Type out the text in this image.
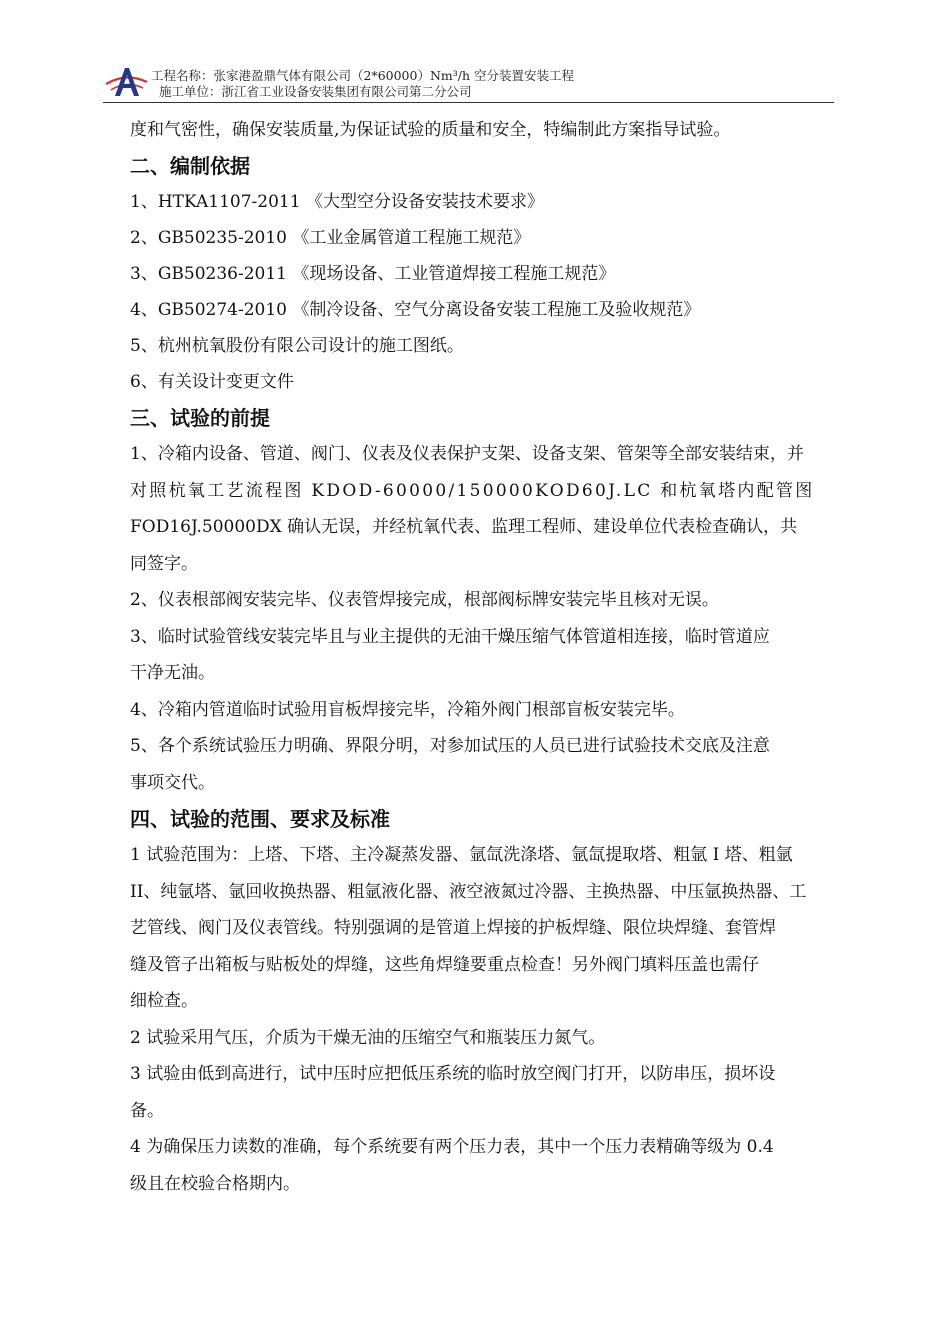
工程名称：张家港盈鼎气体有限公司（2*60000）Nm³/h 空分装置安装工程
施工单位：浙江省工业设备安装集团有限公司第二分公司

度和气密性，确保安装质量,为保证试验的质量和安全，特编制此方案指导试验。

二、编制依据

1、HTKA1107-2011 《大型空分设备安装技术要求》

2、GB50235-2010 《工业金属管道工程施工规范》

3、GB50236-2011 《现场设备、工业管道焊接工程施工规范》

4、GB50274-2010 《制冷设备、空气分离设备安装工程施工及验收规范》

5、杭州杭氧股份有限公司设计的施工图纸。

6、有关设计变更文件

三、试验的前提

1、冷箱内设备、管道、阀门、仪表及仪表保护支架、设备支架、管架等全部安装结束，并

对照杭氧工艺流程图 KDOD-60000/150000KOD60J.LC 和杭氧塔内配管图

FOD16J.50000DX 确认无误，并经杭氧代表、监理工程师、建设单位代表检查确认，共

同签字。

2、仪表根部阀安装完毕、仪表管焊接完成，根部阀标牌安装完毕且核对无误。

3、临时试验管线安装完毕且与业主提供的无油干燥压缩气体管道相连接，临时管道应

干净无油。

4、冷箱内管道临时试验用盲板焊接完毕，冷箱外阀门根部盲板安装完毕。

5、各个系统试验压力明确、界限分明，对参加试压的人员已进行试验技术交底及注意

事项交代。

四、试验的范围、要求及标准

1 试验范围为：上塔、下塔、主冷凝蒸发器、氩氙洗涤塔、氩氙提取塔、粗氩 I 塔、粗氩

II、纯氩塔、氩回收换热器、粗氩液化器、液空液氮过冷器、主换热器、中压氩换热器、工

艺管线、阀门及仪表管线。特别强调的是管道上焊接的护板焊缝、限位块焊缝、套管焊

缝及管子出箱板与贴板处的焊缝，这些角焊缝要重点检查！另外阀门填料压盖也需仔

细检查。

2 试验采用气压，介质为干燥无油的压缩空气和瓶装压力氮气。

3 试验由低到高进行，试中压时应把低压系统的临时放空阀门打开，以防串压，损坏设

备。

4 为确保压力读数的准确，每个系统要有两个压力表，其中一个压力表精确等级为 0.4

级且在校验合格期内。
